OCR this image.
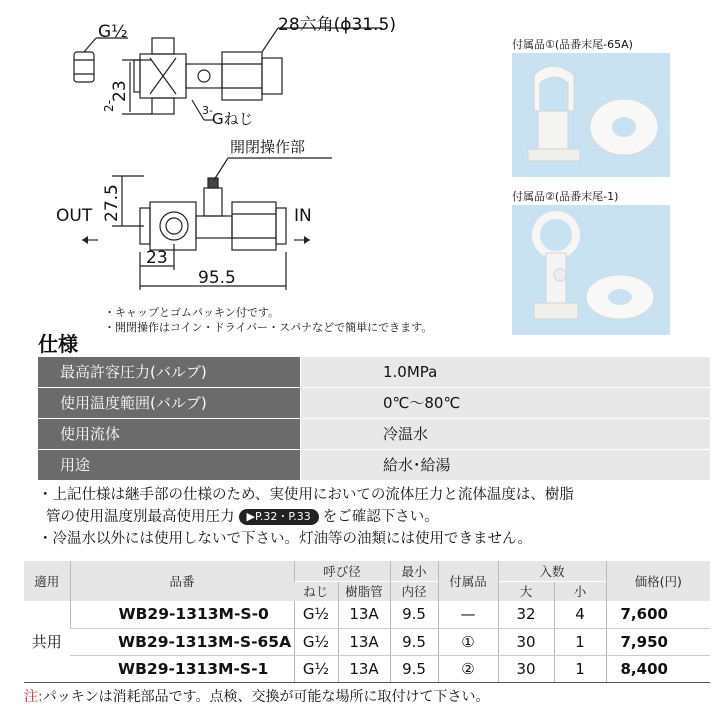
28六角(ϕ31.5)
G½
2-
23
3- Gねじ
開閉操作部
27.5
OUT	IN
23
95.5
・キャップとゴムパッキン付です。
・開閉操作はコイン・ドライバー・スパナなどで簡単にできます。
付属品①(品番末尾-65A)
付属品②(品番末尾-1)
仕様
最高許容圧力(バルブ)	1.0MPa
使用温度範囲(バルブ)	0℃～80℃
使用流体	冷温水
用途	給水･給湯
・上記仕様は継手部の仕様のため、実使用においての流体圧力と流体温度は、樹脂
管の使用温度別最高使用圧力 ▶P.32・P.33 をご確認下さい。
・冷温水以外には使用しないで下さい。灯油等の油類には使用できません。
適用	品番	呼び径		最小	付属品	入数		価格(円)
		ねじ	樹脂管	内径		大	小	
共用	WB29-1313M-S-0	G½	13A	9.5	—	32	4	7,600
	WB29-1313M-S-65A	G½	13A	9.5	①	30	1	7,950
	WB29-1313M-S-1	G½	13A	9.5	②	30	1	8,400
注:パッキンは消耗部品です。点検、交換が可能な場所に取付けて下さい。
